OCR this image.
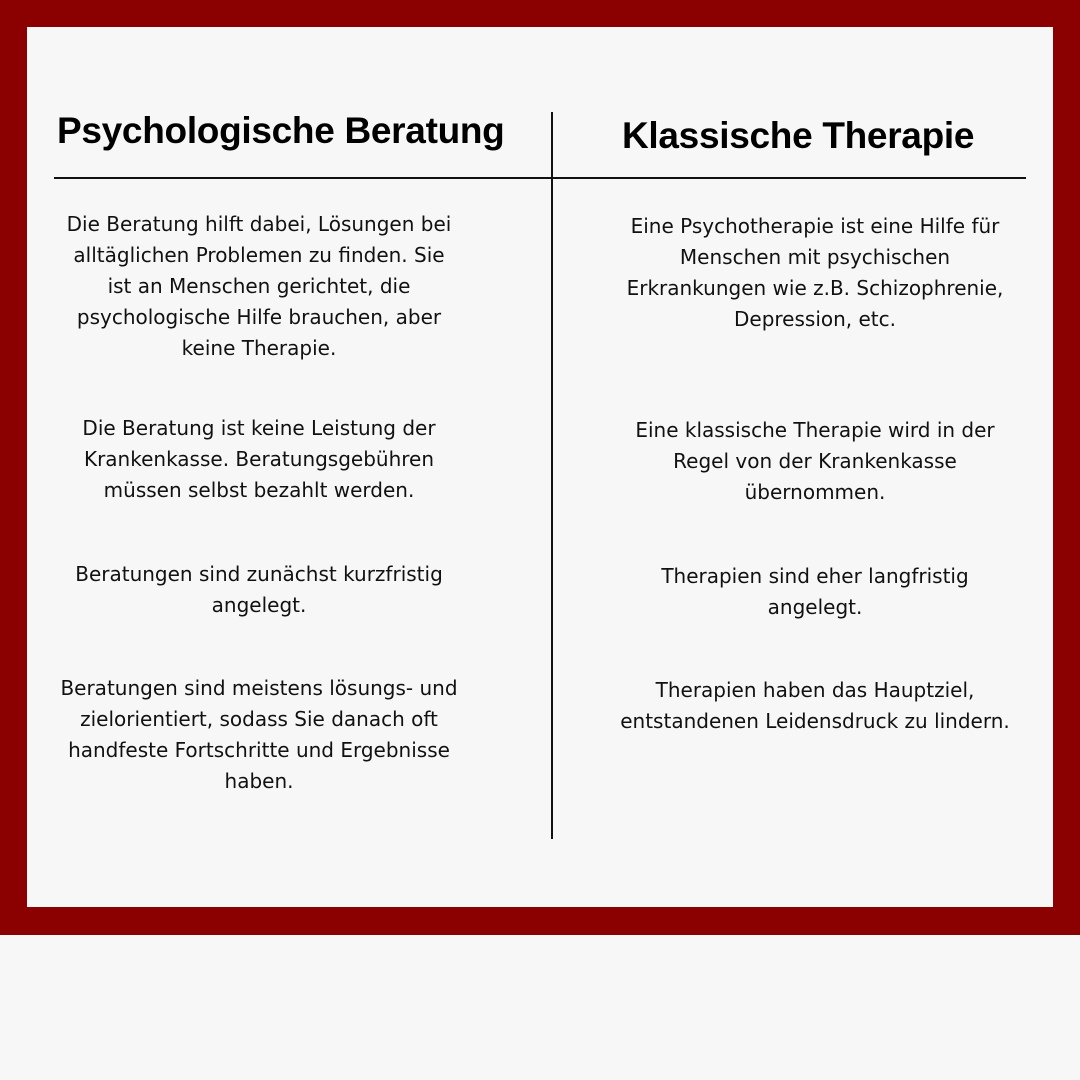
Psychologische Beratung	Klassische Therapie

Die Beratung hilft dabei, Lösungen bei alltäglichen Problemen zu finden. Sie ist an Menschen gerichtet, die psychologische Hilfe brauchen, aber keine Therapie.

Die Beratung ist keine Leistung der Krankenkasse. Beratungsgebühren müssen selbst bezahlt werden.

Beratungen sind zunächst kurzfristig angelegt.

Beratungen sind meistens lösungs- und zielorientiert, sodass Sie danach oft handfeste Fortschritte und Ergebnisse haben.

Eine Psychotherapie ist eine Hilfe für Menschen mit psychischen Erkrankungen wie z.B. Schizophrenie, Depression, etc.

Eine klassische Therapie wird in der Regel von der Krankenkasse übernommen.

Therapien sind eher langfristig angelegt.

Therapien haben das Hauptziel, entstandenen Leidensdruck zu lindern.
